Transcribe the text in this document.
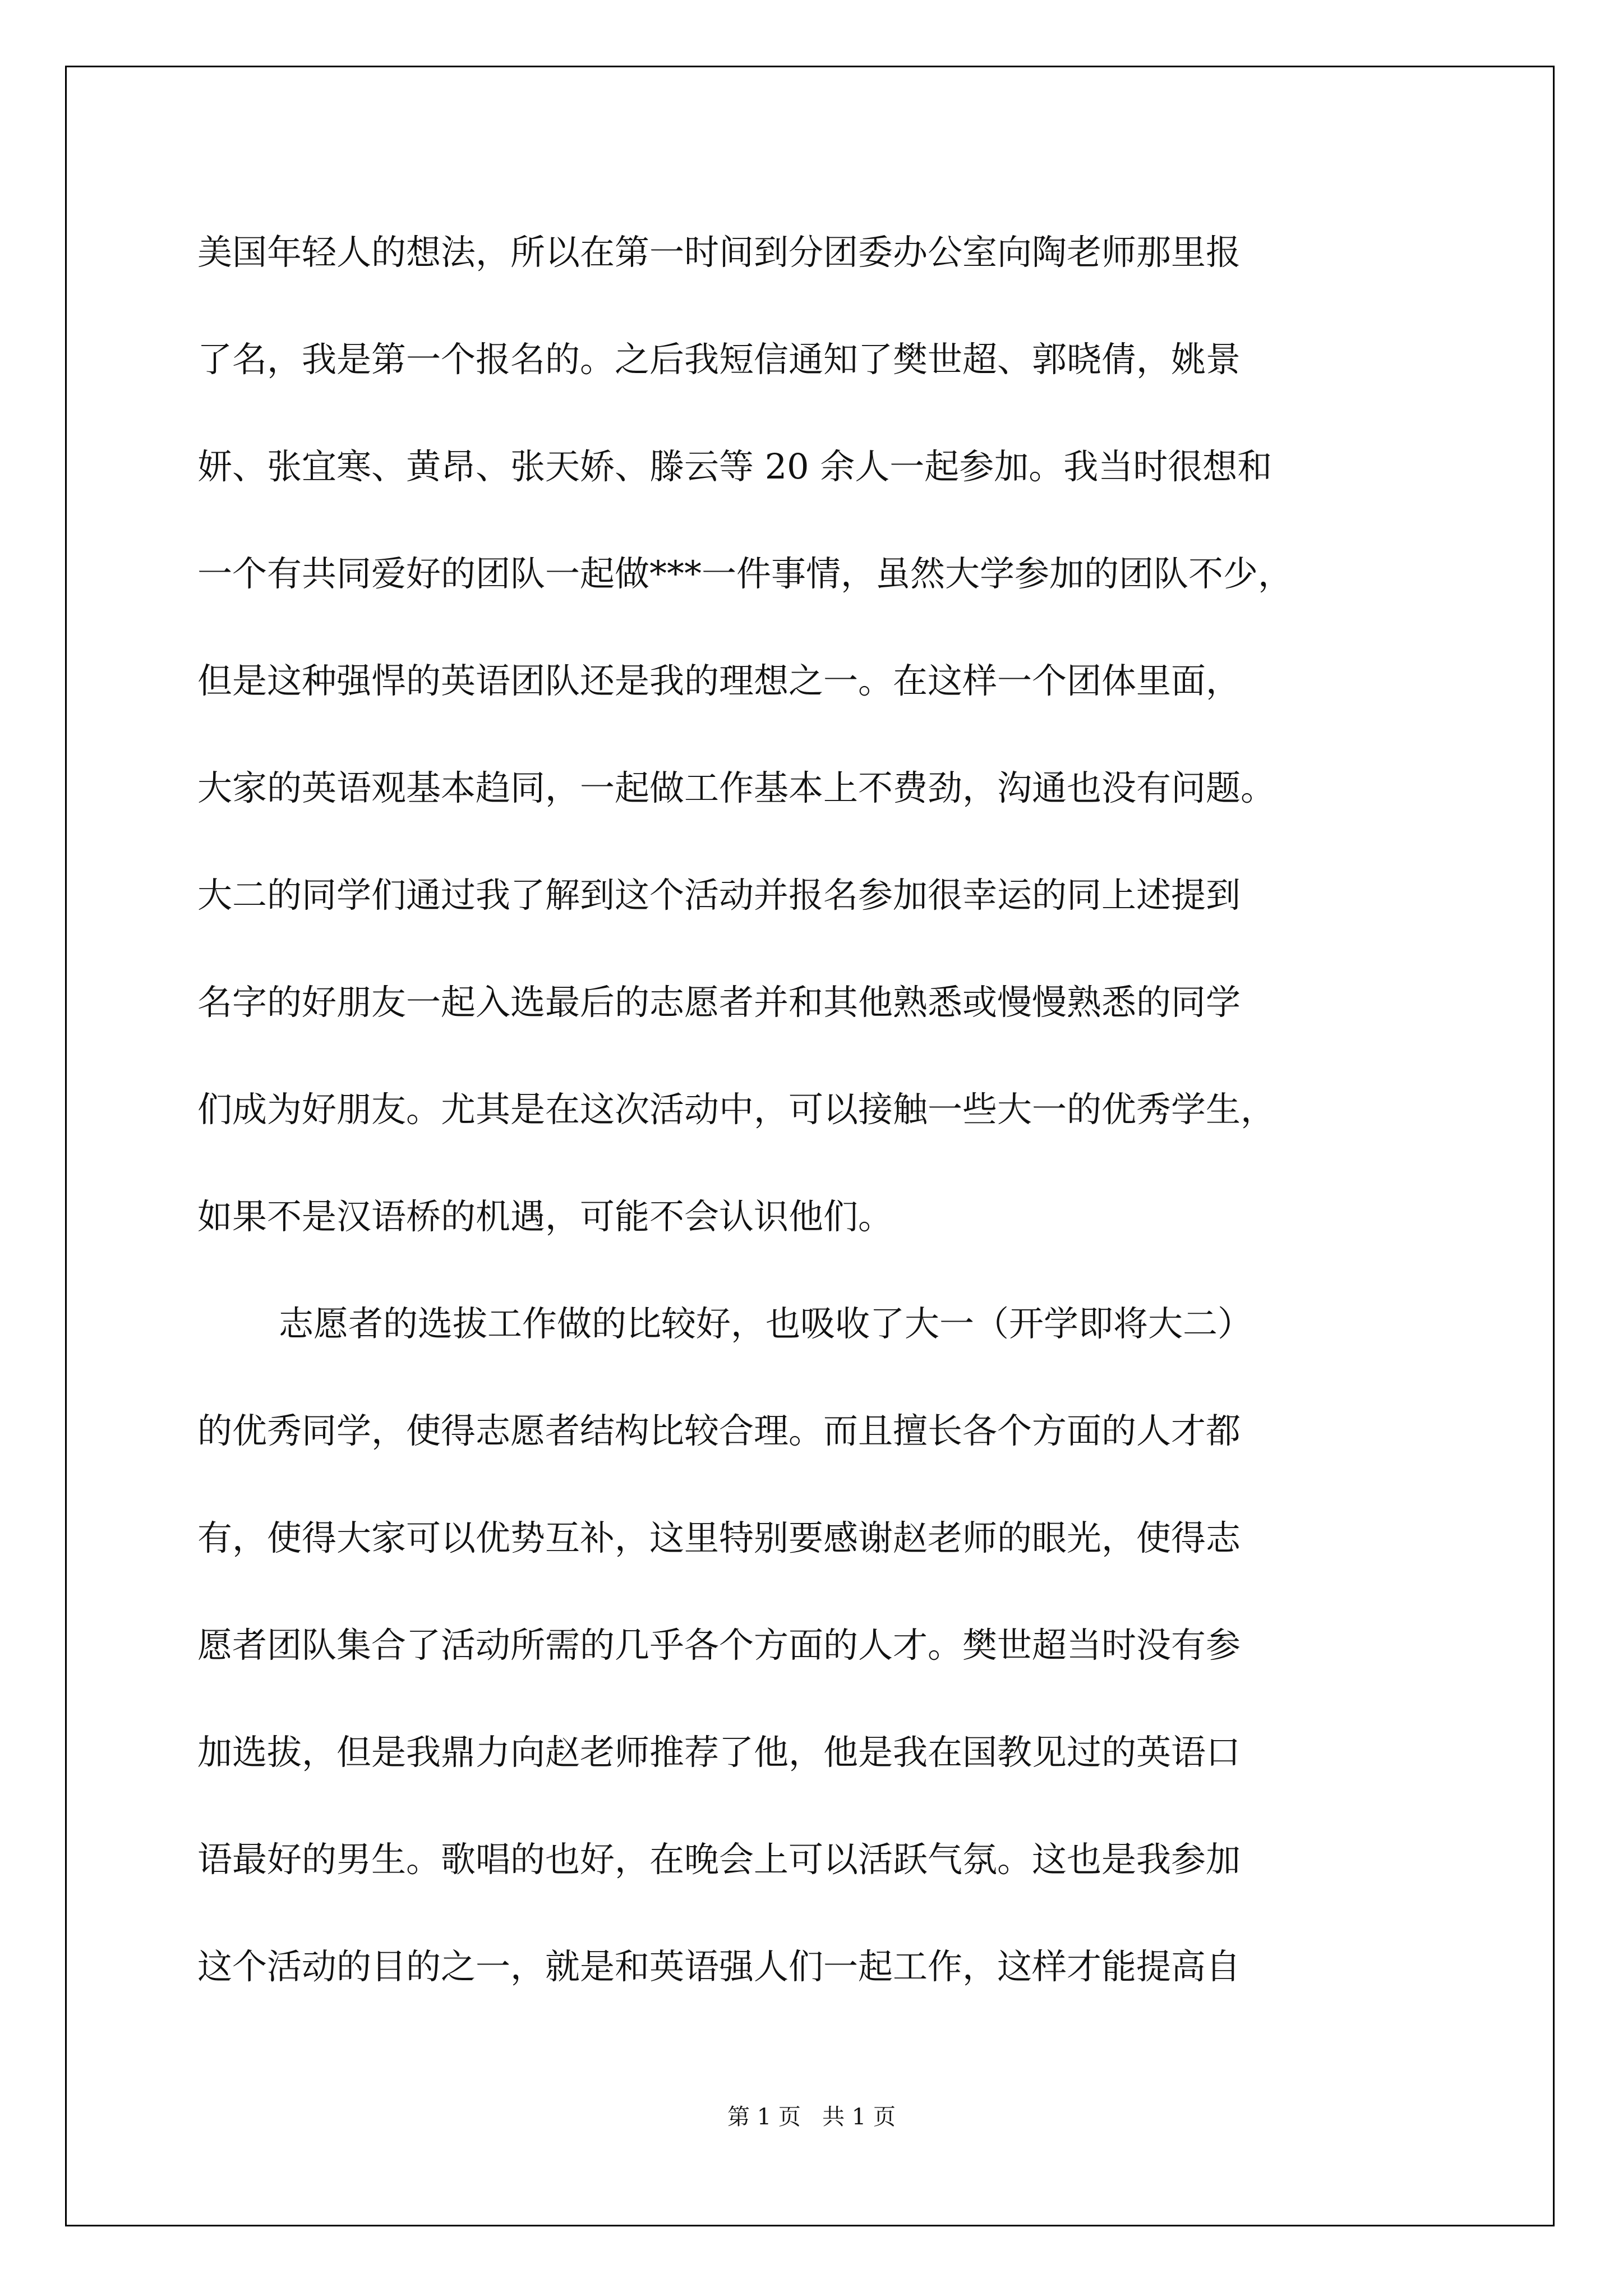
美国年轻人的想法，所以在第一时间到分团委办公室向陶老师那里报

了名，我是第一个报名的。之后我短信通知了樊世超、郭晓倩，姚景

妍、张宜寒、黄昂、张天娇、滕云等 20 余人一起参加。我当时很想和

一个有共同爱好的团队一起做***一件事情，虽然大学参加的团队不少，

但是这种强悍的英语团队还是我的理想之一。在这样一个团体里面，

大家的英语观基本趋同，一起做工作基本上不费劲，沟通也没有问题。

大二的同学们通过我了解到这个活动并报名参加很幸运的同上述提到

名字的好朋友一起入选最后的志愿者并和其他熟悉或慢慢熟悉的同学

们成为好朋友。尤其是在这次活动中，可以接触一些大一的优秀学生，

如果不是汉语桥的机遇，可能不会认识他们。

志愿者的选拔工作做的比较好，也吸收了大一（开学即将大二）

的优秀同学，使得志愿者结构比较合理。而且擅长各个方面的人才都

有，使得大家可以优势互补，这里特别要感谢赵老师的眼光，使得志

愿者团队集合了活动所需的几乎各个方面的人才。樊世超当时没有参

加选拔，但是我鼎力向赵老师推荐了他，他是我在国教见过的英语口

语最好的男生。歌唱的也好，在晚会上可以活跃气氛。这也是我参加

这个活动的目的之一，就是和英语强人们一起工作，这样才能提高自

第 1 页   共 1 页
